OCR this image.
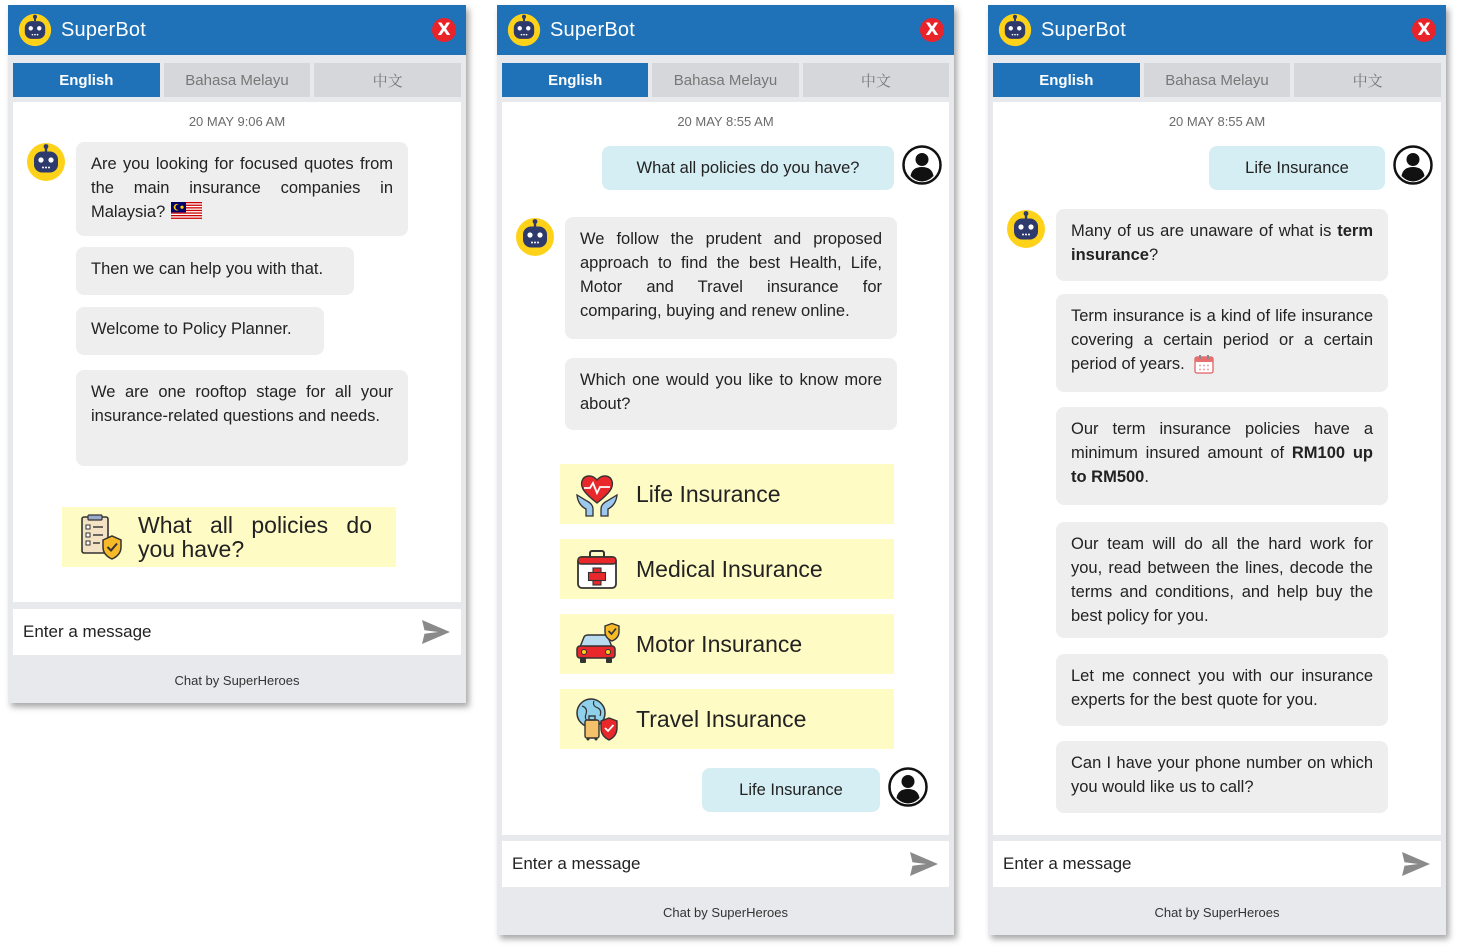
SuperBot	X
English	Bahasa Melayu	中文
20 MAY 9:06 AM
Are you looking for focused quotes from the main insurance companies in Malaysia?
Then we can help you with that.
Welcome to Policy Planner.
We are one rooftop stage for all your insurance-related questions and needs.
What all policies do you have?
Enter a message
Chat by SuperHeroes
SuperBot	X
English	Bahasa Melayu	中文
20 MAY 8:55 AM
What all policies do you have?
We follow the prudent and proposed approach to find the best Health, Life, Motor and Travel insurance for comparing, buying and renew online.
Which one would you like to know more about?
Life Insurance
Medical Insurance
Motor Insurance
Travel Insurance
Life Insurance
Enter a message
Chat by SuperHeroes
SuperBot	X
English	Bahasa Melayu	中文
20 MAY 8:55 AM
Life Insurance
Many of us are unaware of what is term insurance?
Term insurance is a kind of life insurance covering a certain period or a certain period of years.
Our term insurance policies have a minimum insured amount of RM100 up to RM500.
Our team will do all the hard work for you, read between the lines, decode the terms and conditions, and help buy the best policy for you.
Let me connect you with our insurance experts for the best quote for you.
Can I have your phone number on which you would like us to call?
Enter a message
Chat by SuperHeroes
